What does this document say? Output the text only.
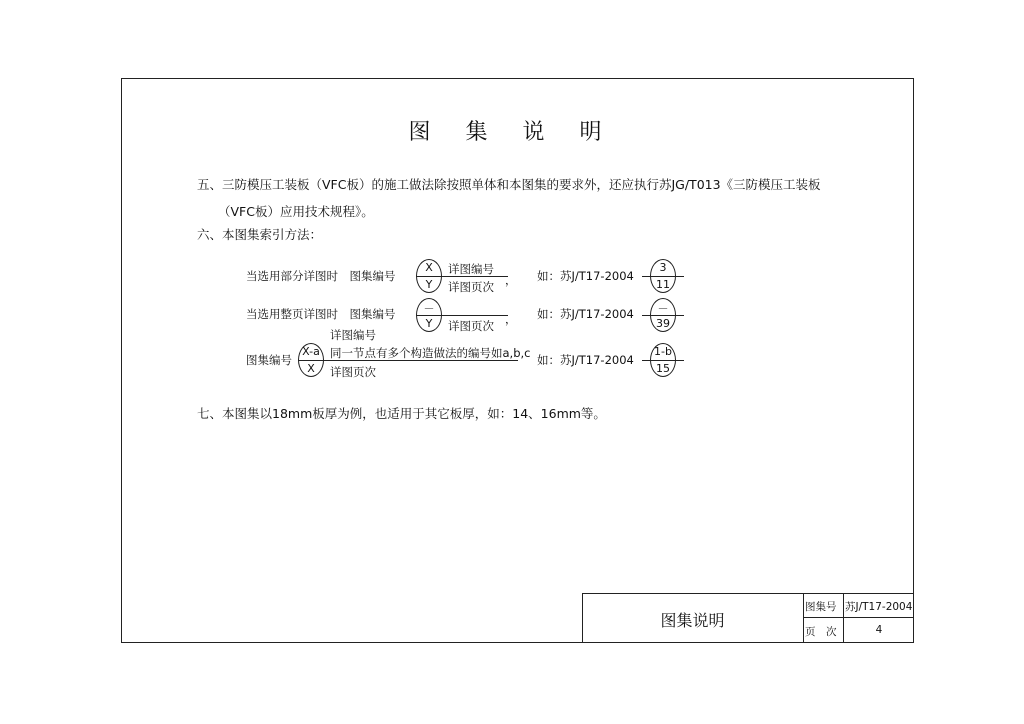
图 集 说 明
五、三防模压工装板（VFC板）的施工做法除按照单体和本图集的要求外，还应执行苏JG/T013《三防模压工装板
（VFC板）应用技术规程》。
六、本图集索引方法：
当选用部分详图时　图集编号
X
Y
详图编号
详图页次 ， 如：苏J/T17-2004
3
11
当选用整页详图时　图集编号	－
Y	详图页次 ， 如：苏J/T17-2004	－
39
详图编号
图集编号
X-a
X
同一节点有多个构造做法的编号如a,b,c
详图页次
如：苏J/T17-2004
1-b
15
七、本图集以18mm板厚为例，也适用于其它板厚，如：14、16mm等。
图集说明
图集号 苏J/T17-2004
页　次	4
